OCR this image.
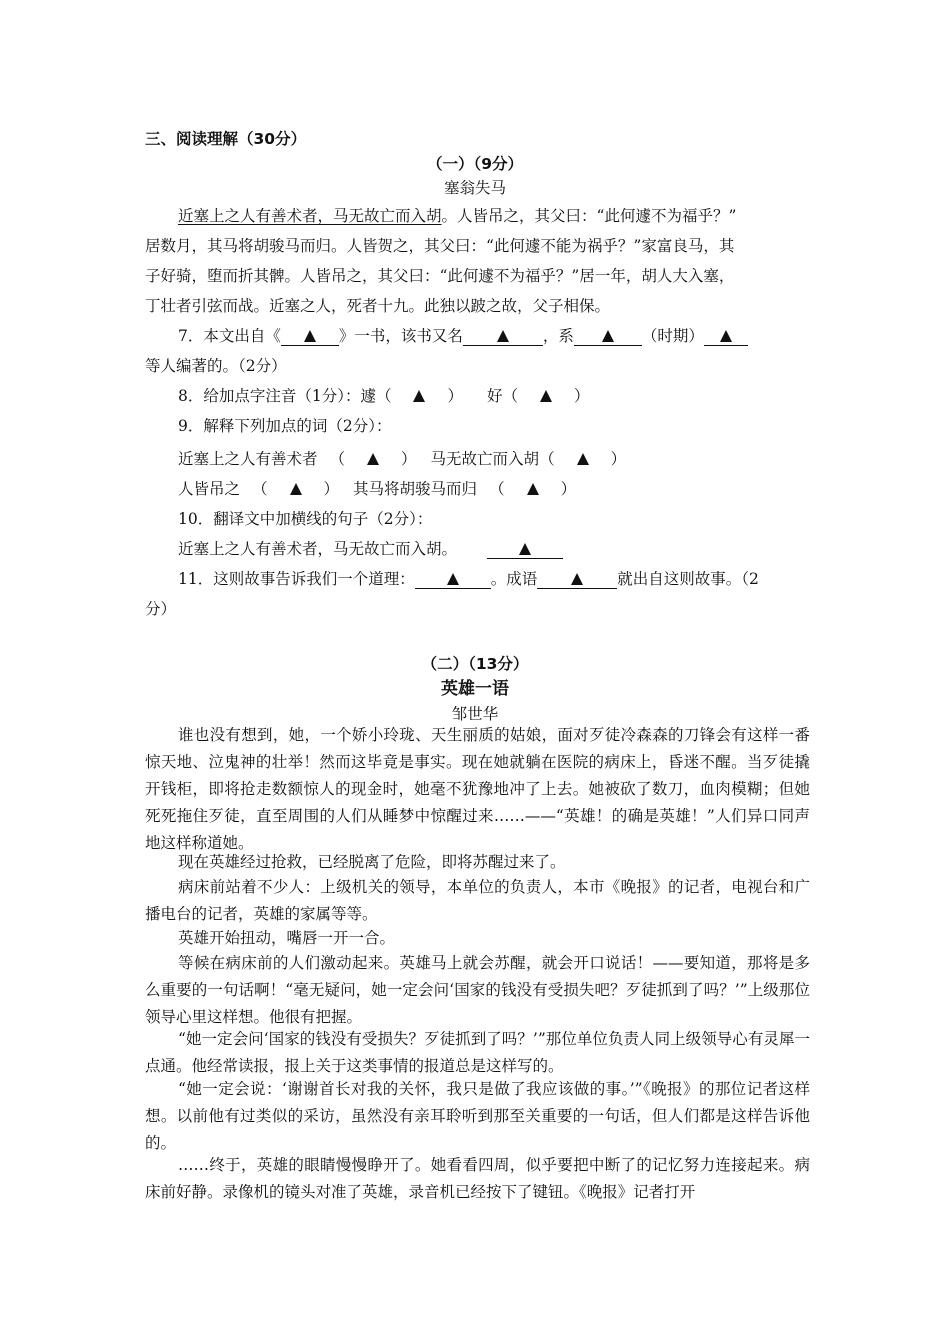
三、阅读理解（30分）
（一）（9分）
塞翁失马
近塞上之人有善术者，马无故亡而入胡。人皆吊之，其父曰：“此何遽不为福乎？”
居数月，其马将胡骏马而归。人皆贺之，其父曰：“此何遽不能为祸乎？”家富良马，其
子好骑，堕而折其髀。人皆吊之，其父曰：“此何遽不为福乎？”居一年，胡人大入塞，
丁壮者引弦而战。近塞之人，死者十九。此独以跛之故，父子相保。
7．本文出自《	》一书，该书又名	，系	（时期）
等人编著的。（2分）
8．给加点字注音（1分）：遽（	） 好（	）
9．解释下列加点的词（2分）：
近塞上之人有善术者 （	） 马无故亡而入胡（	）
人皆吊之 （	） 其马将胡骏马而归 （	）
10．翻译文中加横线的句子（2分）：
近塞上之人有善术者，马无故亡而入胡。
11．这则故事告诉我们一个道理：	。成语	就出自这则故事。（2
分）
（二）（13分）
英雄一语
邹世华
谁也没有想到，她，一个娇小玲珑、天生丽质的姑娘，面对歹徒冷森森的刀锋会有这样一番惊天地、泣鬼神的壮举！然而这毕竟是事实。现在她就躺在医院的病床上，昏迷不醒。当歹徒撬开钱柜，即将抢走数额惊人的现金时，她毫不犹豫地冲了上去。她被砍了数刀，血肉模糊；但她死死拖住歹徒，直至周围的人们从睡梦中惊醒过来……——“英雄！的确是英雄！”人们异口同声地这样称道她。
现在英雄经过抢救，已经脱离了危险，即将苏醒过来了。
病床前站着不少人：上级机关的领导，本单位的负责人，本市《晚报》的记者，电视台和广播电台的记者，英雄的家属等等。
英雄开始扭动，嘴唇一开一合。
等候在病床前的人们激动起来。英雄马上就会苏醒，就会开口说话！——要知道，那将是多么重要的一句话啊！“毫无疑问，她一定会问‘国家的钱没有受损失吧？歹徒抓到了吗？’”上级那位领导心里这样想。他很有把握。
“她一定会问‘国家的钱没有受损失？歹徒抓到了吗？’”那位单位负责人同上级领导心有灵犀一点通。他经常读报，报上关于这类事情的报道总是这样写的。
“她一定会说：‘谢谢首长对我的关怀，我只是做了我应该做的事。’”《晚报》的那位记者这样想。以前他有过类似的采访，虽然没有亲耳聆听到那至关重要的一句话，但人们都是这样告诉他的。
……终于，英雄的眼睛慢慢睁开了。她看看四周，似乎要把中断了的记忆努力连接起来。病床前好静。录像机的镜头对准了英雄，录音机已经按下了键钮。《晚报》记者打开
